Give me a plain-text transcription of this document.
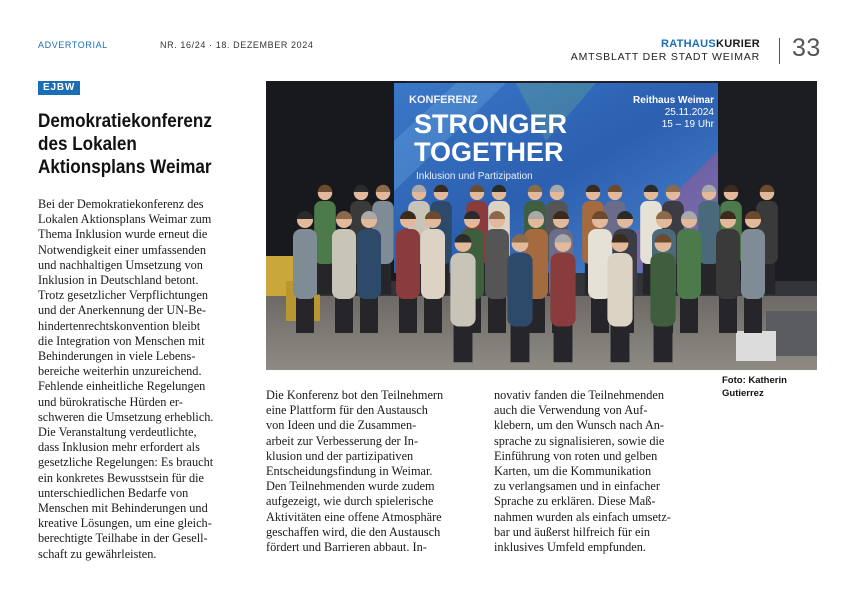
ADVERTORIAL	NR. 16/24 · 18. DEZEMBER 2024	RATHAUSKURIER
AMTSBLATT DER STADT WEIMAR 33
EJBW
Demokratiekonferenz
des Lokalen
Aktionsplans Weimar
Bei der Demokratiekonferenz des
Lokalen Aktionsplans Weimar zum
Thema Inklusion wurde erneut die
Notwendigkeit einer umfassenden
und nachhaltigen Umsetzung von
Inklusion in Deutschland betont.
Trotz gesetzlicher Verpflichtungen
und der Anerkennung der UN-Be-
hindertenrechtskonvention bleibt
die Integration von Menschen mit
Behinderungen in viele Lebens-
bereiche weiterhin unzureichend.
Fehlende einheitliche Regelungen
und bürokratische Hürden er-
schweren die Umsetzung erheblich.
Die Veranstaltung verdeutlichte,
dass Inklusion mehr erfordert als
gesetzliche Regelungen: Es braucht
ein konkretes Bewusstsein für die
unterschiedlichen Bedarfe von
Menschen mit Behinderungen und
kreative Lösungen, um eine gleich-
berechtigte Teilhabe in der Gesell-
schaft zu gewährleisten.
Die Konferenz bot den Teilnehmern
eine Plattform für den Austausch
von Ideen und die Zusammen-
arbeit zur Verbesserung der In-
klusion und der partizipativen
Entscheidungsfindung in Weimar.
Den Teilnehmenden wurde zudem
aufgezeigt, wie durch spielerische
Aktivitäten eine offene Atmosphäre
geschaffen wird, die den Austausch
fördert und Barrieren abbaut. In-
novativ fanden die Teilnehmenden
auch die Verwendung von Auf-
klebern, um den Wunsch nach An-
sprache zu signalisieren, sowie die
Einführung von roten und gelben
Karten, um die Kommunikation
zu verlangsamen und in einfacher
Sprache zu erklären. Diese Maß-
nahmen wurden als einfach umsetz-
bar und äußerst hilfreich für ein
inklusives Umfeld empfunden.
KONFERENZ
STRONGER
TOGETHER
Inklusion und Partizipation
Reithaus Weimar
25.11.2024
15 – 19 Uhr
Foto: Katherin
Gutierrez
